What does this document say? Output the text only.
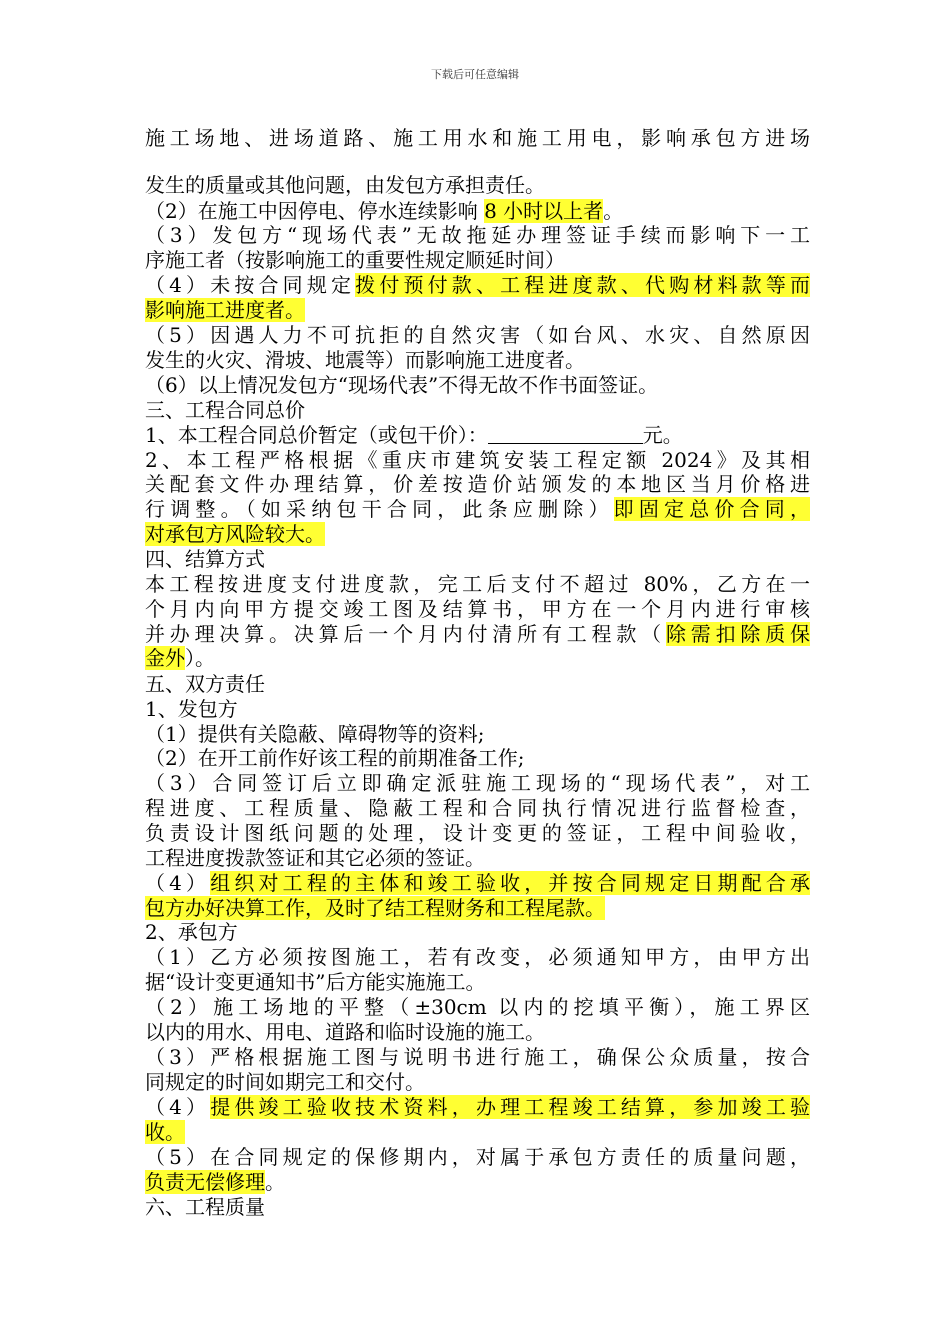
下载后可任意编辑
施工场地、进场道路、施工用水和施工用电，影响承包方进场
发生的质量或其他问题，由发包方承担责任。
（2）在施工中因停电、停水连续影响 8 小时以上者。
（3）发包方“现场代表”无故拖延办理签证手续而影响下一工
序施工者（按影响施工的重要性规定顺延时间）
（4）未按合同规定拨付预付款、工程进度款、代购材料款等而
影响施工进度者。
（5）因遇人力不可抗拒的自然灾害（如台风、水灾、自然原因
发生的火灾、滑坡、地震等）而影响施工进度者。
（6）以上情况发包方“现场代表”不得无故不作书面签证。
三、工程合同总价
1、本工程合同总价暂定（或包干价）：	元。
2、本工程严格根据《重庆市建筑安装工程定额 2024》及其相
关配套文件办理结算，价差按造价站颁发的本地区当月价格进
行调整。（如采纳包干合同，此条应删除）即固定总价合同，
对承包方风险较大。
四、结算方式
本工程按进度支付进度款，完工后支付不超过 80%，乙方在一
个月内向甲方提交竣工图及结算书，甲方在一个月内进行审核
并办理决算。决算后一个月内付清所有工程款（除需扣除质保
金外）。
五、双方责任
1、发包方
（1）提供有关隐蔽、障碍物等的资料;
（2）在开工前作好该工程的前期准备工作;
（3）合同签订后立即确定派驻施工现场的“现场代表”，对工
程进度、工程质量、隐蔽工程和合同执行情况进行监督检查，
负责设计图纸问题的处理，设计变更的签证，工程中间验收，
工程进度拨款签证和其它必须的签证。
（4）组织对工程的主体和竣工验收，并按合同规定日期配合承
包方办好决算工作，及时了结工程财务和工程尾款。
2、承包方
（1）乙方必须按图施工，若有改变，必须通知甲方，由甲方出
据“设计变更通知书”后方能实施施工。
（2）施工场地的平整（±30cm 以内的挖填平衡），施工界区
以内的用水、用电、道路和临时设施的施工。
（3）严格根据施工图与说明书进行施工，确保公众质量，按合
同规定的时间如期完工和交付。
（4）提供竣工验收技术资料，办理工程竣工结算，参加竣工验
收。
（5）在合同规定的保修期内，对属于承包方责任的质量问题，
负责无偿修理。
六、工程质量
